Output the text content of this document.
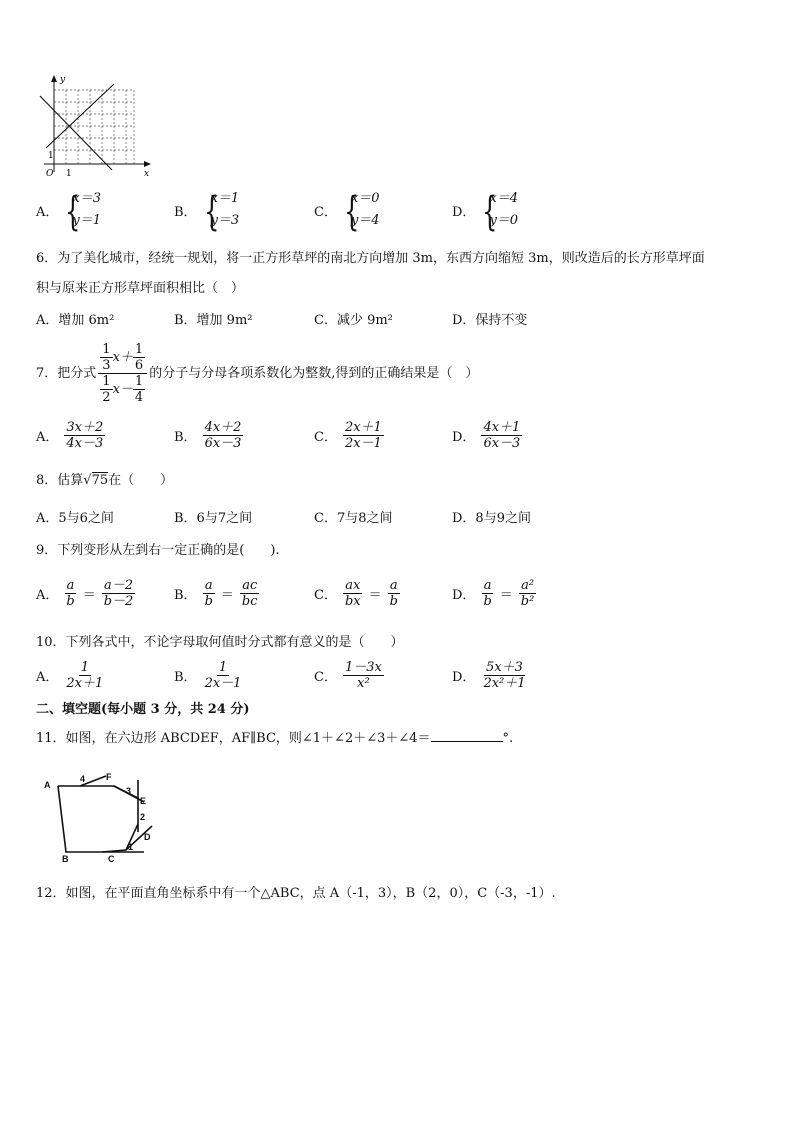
y
x
O 1
1
A．
{ x＝3
y＝1
B．
{ x＝1
y＝3
C．
{ x＝0
y＝4
D．
{ x＝4
y＝0
6．为了美化城市，经统一规划，将一正方形草坪的南北方向增加 3m，东西方向缩短 3m，则改造后的长方形草坪面
积与原来正方形草坪面积相比（　）
A．增加 6m²	B．增加 9m²	C．减少 9m²	D．保持不变
7．把分式 $\frac{1}{3} x+ \frac{1}{6}$
$\frac{1}{2} x- \frac{1}{4}$
的分子与分母各项系数化为整数,得到的正确结果是（　）
A． $\frac{3x+2}{4x-3}$	B． $\frac{4x+2}{6x-3}$	C． $\frac{2x+1}{2x-1}$	D． $\frac{4x+1}{6x-3}$
8．估算√75在（　　）
A．5与6之间	B．6与7之间	C．7与8之间	D．8与9之间
9．下列变形从左到右一定正确的是(　　).
A． $\frac{a}{b} = \frac{a-2}{b-2}$	B． $\frac{a}{b} = \frac{ac}{bc}$	C． $\frac{ax}{bx} = \frac{a}{b}$	D． $\frac{a}{b} = \frac{\text{a²}}{\text{b²}}$
10．下列各式中，不论字母取何值时分式都有意义的是（　　）
A． $\frac{1}{2x+1}$	B． $\frac{1}{2x-1}$	C． $\frac{1-3x}{\text{x²}}$	D． $\frac{5x+3}{\text{2x²＋1}}$
二、填空题(每小题 3 分，共 24 分)
11．如图，在六边形 ABCDEF，AF∥BC，则∠1＋∠2＋∠3＋∠4＝	°.
A
B	C
D
E
F
1
2
3
4
12．如图，在平面直角坐标系中有一个△ABC，点 A（-1，3），B（2，0），C（-3，-1）.
